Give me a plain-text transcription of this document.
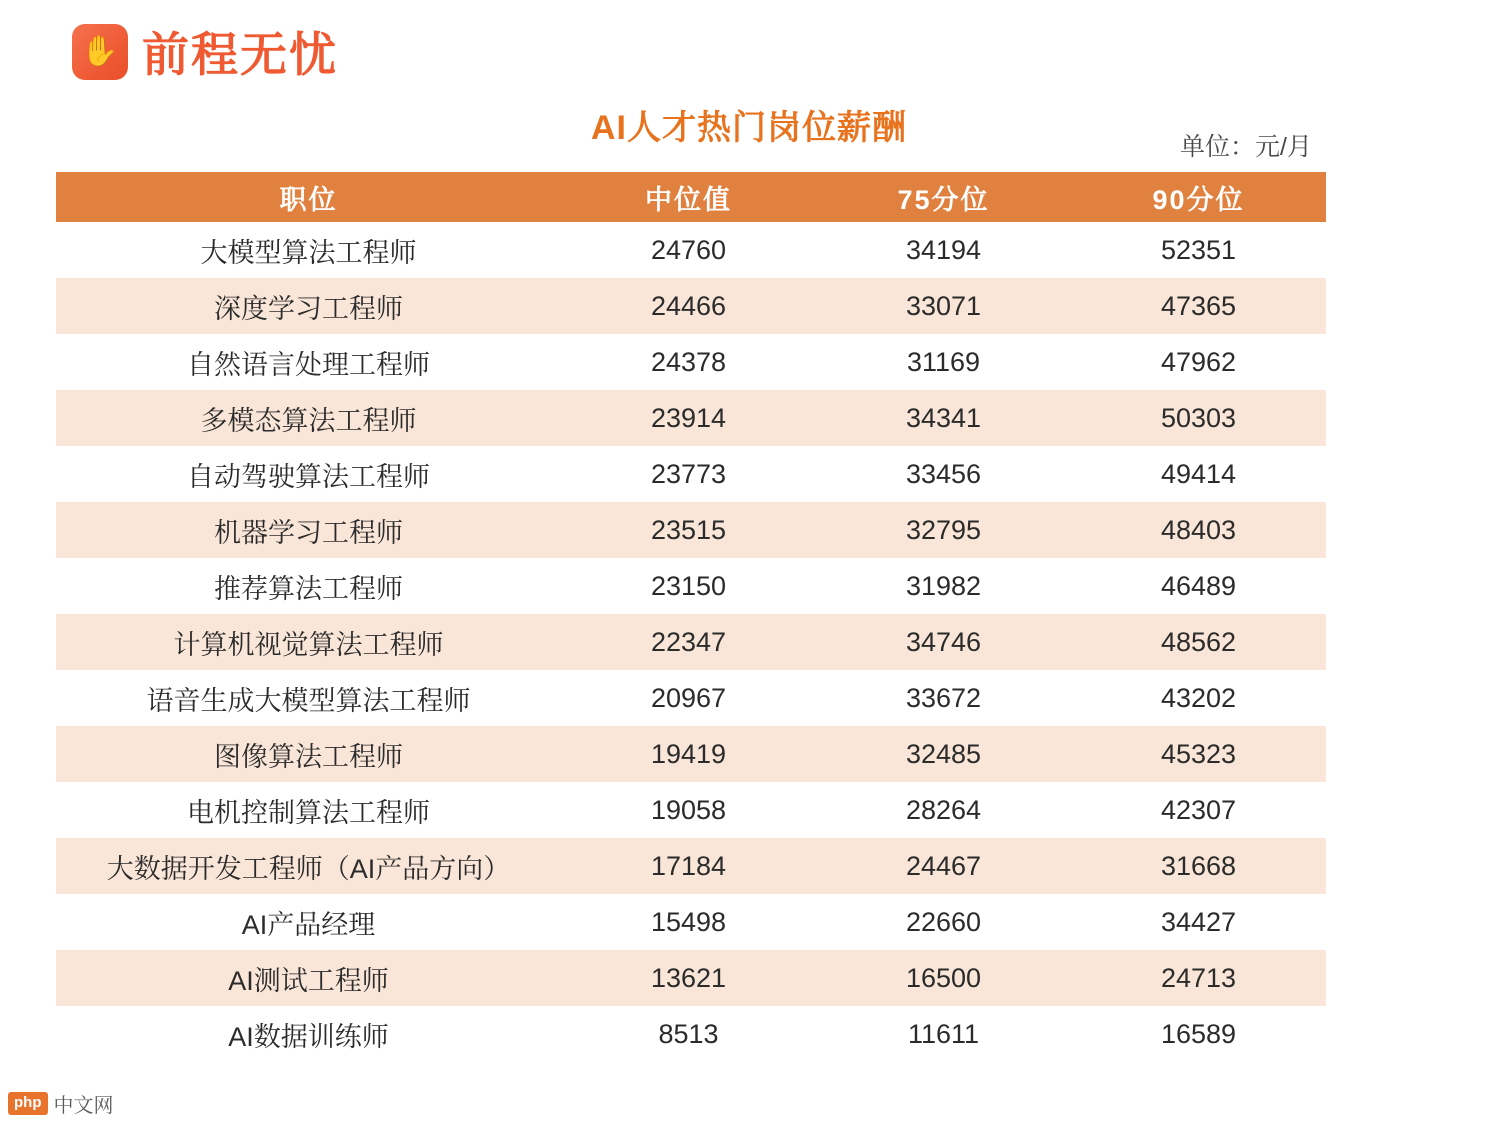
✋ 前程无忧
AI人才热门岗位薪酬	单位：元/月
职位	中位值	75分位	90分位
大模型算法工程师	24760	34194	52351
深度学习工程师	24466	33071	47365
自然语言处理工程师	24378	31169	47962
多模态算法工程师	23914	34341	50303
自动驾驶算法工程师	23773	33456	49414
机器学习工程师	23515	32795	48403
推荐算法工程师	23150	31982	46489
计算机视觉算法工程师	22347	34746	48562
语音生成大模型算法工程师	20967	33672	43202
图像算法工程师	19419	32485	45323
电机控制算法工程师	19058	28264	42307
大数据开发工程师（AI产品方向）	17184	24467	31668
AI产品经理	15498	22660	34427
AI测试工程师	13621	16500	24713
AI数据训练师	8513	11611	16589
php 中文网
